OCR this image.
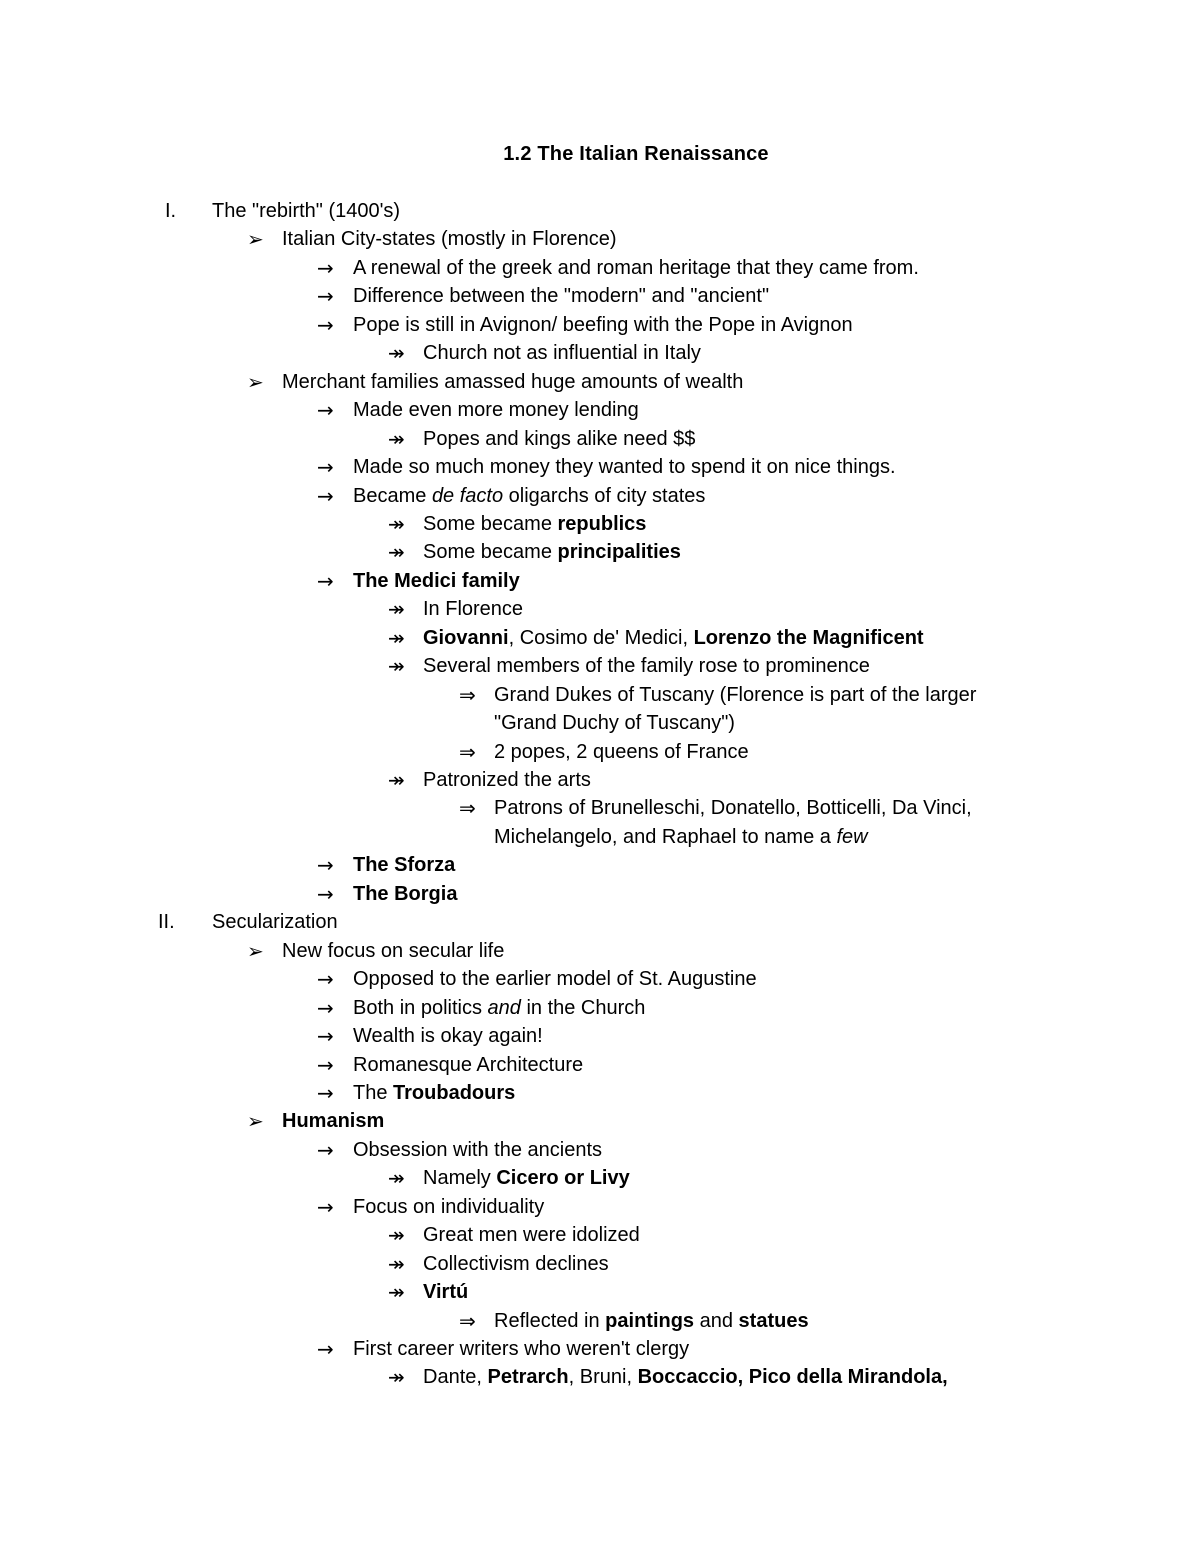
1.2 The Italian Renaissance
I. The "rebirth" (1400's)
➢ Italian City-states (mostly in Florence)
→ A renewal of the greek and roman heritage that they came from.
→ Difference between the "modern" and "ancient"
→ Pope is still in Avignon/ beefing with the Pope in Avignon
↠ Church not as influential in Italy
➢ Merchant families amassed huge amounts of wealth
→ Made even more money lending
↠ Popes and kings alike need $$
→ Made so much money they wanted to spend it on nice things.
→ Became de facto oligarchs of city states
↠ Some became republics
↠ Some became principalities
→ The Medici family
↠ In Florence
↠ Giovanni, Cosimo de' Medici, Lorenzo the Magnificent
↠ Several members of the family rose to prominence
⇒ Grand Dukes of Tuscany (Florence is part of the larger
"Grand Duchy of Tuscany")
⇒ 2 popes, 2 queens of France
↠ Patronized the arts
⇒ Patrons of Brunelleschi, Donatello, Botticelli, Da Vinci,
Michelangelo, and Raphael to name a few
→ The Sforza
→ The Borgia
II. Secularization
➢ New focus on secular life
→ Opposed to the earlier model of St. Augustine
→ Both in politics and in the Church
→ Wealth is okay again!
→ Romanesque Architecture
→ The Troubadours
➢ Humanism
→ Obsession with the ancients
↠ Namely Cicero or Livy
→ Focus on individuality
↠ Great men were idolized
↠ Collectivism declines
↠ Virtú
⇒ Reflected in paintings and statues
→ First career writers who weren't clergy
↠ Dante, Petrarch, Bruni, Boccaccio, Pico della Mirandola,
